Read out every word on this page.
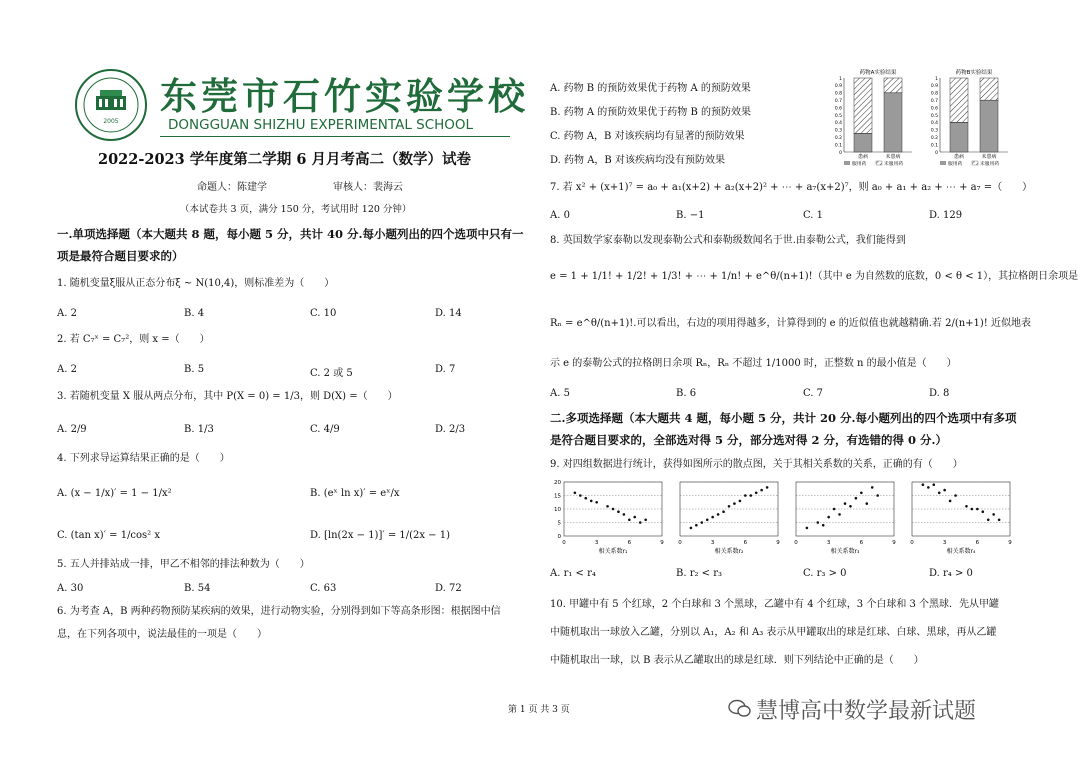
2005
东莞市石竹实验学校
DONGGUAN SHIZHU EXPERIMENTAL SCHOOL
2022-2023 学年度第二学期 6 月月考高二（数学）试卷
命题人：陈建学	审核人：裴海云
（本试卷共 3 页，满分 150 分，考试用时 120 分钟）
一.单项选择题（本大题共 8 题，每小题 5 分，共计 40 分.每小题列出的四个选项中只有一项是最符合题目要求的）
1. 随机变量ξ服从正态分布ξ ~ N(10,4)，则标准差为（　　）
A. 2	B. 4	C. 10	D. 14
2. 若 C₇ˣ = C₇²，则 x =（　　）
A. 2	B. 5	C. 2 或 5	D. 7
3. 若随机变量 X 服从两点分布，其中 P(X = 0) = 1/3，则 D(X) =（　　）
A. 2/9	B. 1/3	C. 4/9	D. 2/3
4. 下列求导运算结果正确的是（　　）
A. (x − 1/x)′ = 1 − 1/x²	B. (eˣ ln x)′ = eˣ/x
C. (tan x)′ = 1/cos² x	D. [ln(2x − 1)]′ = 1/(2x − 1)
5. 五人并排站成一排，甲乙不相邻的排法种数为（　　）
A. 30	B. 54	C. 63	D. 72
6. 为考查 A，B 两种药物预防某疾病的效果，进行动物实验，分别得到如下等高条形图：根据图中信
息，在下列各项中，说法最佳的一项是（　　）
A. 药物 B 的预防效果优于药物 A 的预防效果
B. 药物 A 的预防效果优于药物 B 的预防效果
C. 药物 A，B 对该疾病均有显著的预防效果
D. 药物 A，B 对该疾病均没有预防效果
药物A实验结果
0
0.1
0.2
0.3
0.4
0.5
0.6
0.7
0.8
0.9
1
患病	未患病
服用药	未服用药
药物B实验结果
0
0.1
0.2
0.3
0.4
0.5
0.6
0.7
0.8
0.9
1
患病	未患病
服用药	未服用药
7. 若 x² + (x+1)⁷ = a₀ + a₁(x+2) + a₂(x+2)² + ⋯ + a₇(x+2)⁷，则 a₀ + a₁ + a₂ + ⋯ + a₇ =（　　）
A. 0	B. −1	C. 1	D. 129
8. 英国数学家泰勒以发现泰勒公式和泰勒级数闻名于世.由泰勒公式，我们能得到
e = 1 + 1/1! + 1/2! + 1/3! + ⋯ + 1/n! + e^θ/(n+1)!（其中 e 为自然数的底数，0 < θ < 1），其拉格朗日余项是
Rₙ = e^θ/(n+1)!.可以看出，右边的项用得越多，计算得到的 e 的近似值也就越精确.若 2/(n+1)! 近似地表
示 e 的泰勒公式的拉格朗日余项 Rₙ，Rₙ 不超过 1/1000 时，正整数 n 的最小值是（　　）
A. 5	B. 6	C. 7	D. 8
二.多项选择题（本大题共 4 题，每小题 5 分，共计 20 分.每小题列出的四个选项中有多项是符合题目要求的，全部选对得 5 分，部分选对得 2 分，有选错的得 0 分.）
9. 对四组数据进行统计，获得如图所示的散点图，关于其相关系数的关系，正确的有（　　）
5
10
15
20
0
0	3	6	9
相关系数r₁
0	3	6	9
相关系数r₂
0	3	6	9
相关系数r₃
0	3	6	9
相关系数r₄
A. r₁ < r₄	B. r₂ < r₃	C. r₃ > 0	D. r₄ > 0
10. 甲罐中有 5 个红球，2 个白球和 3 个黑球，乙罐中有 4 个红球，3 个白球和 3 个黑球．先从甲罐
中随机取出一球放入乙罐，分别以 A₁，A₂ 和 A₃ 表示从甲罐取出的球是红球、白球、黑球，再从乙罐
中随机取出一球，以 B 表示从乙罐取出的球是红球．则下列结论中正确的是（　　）
第 1 页 共 3 页	慧博高中数学最新试题
